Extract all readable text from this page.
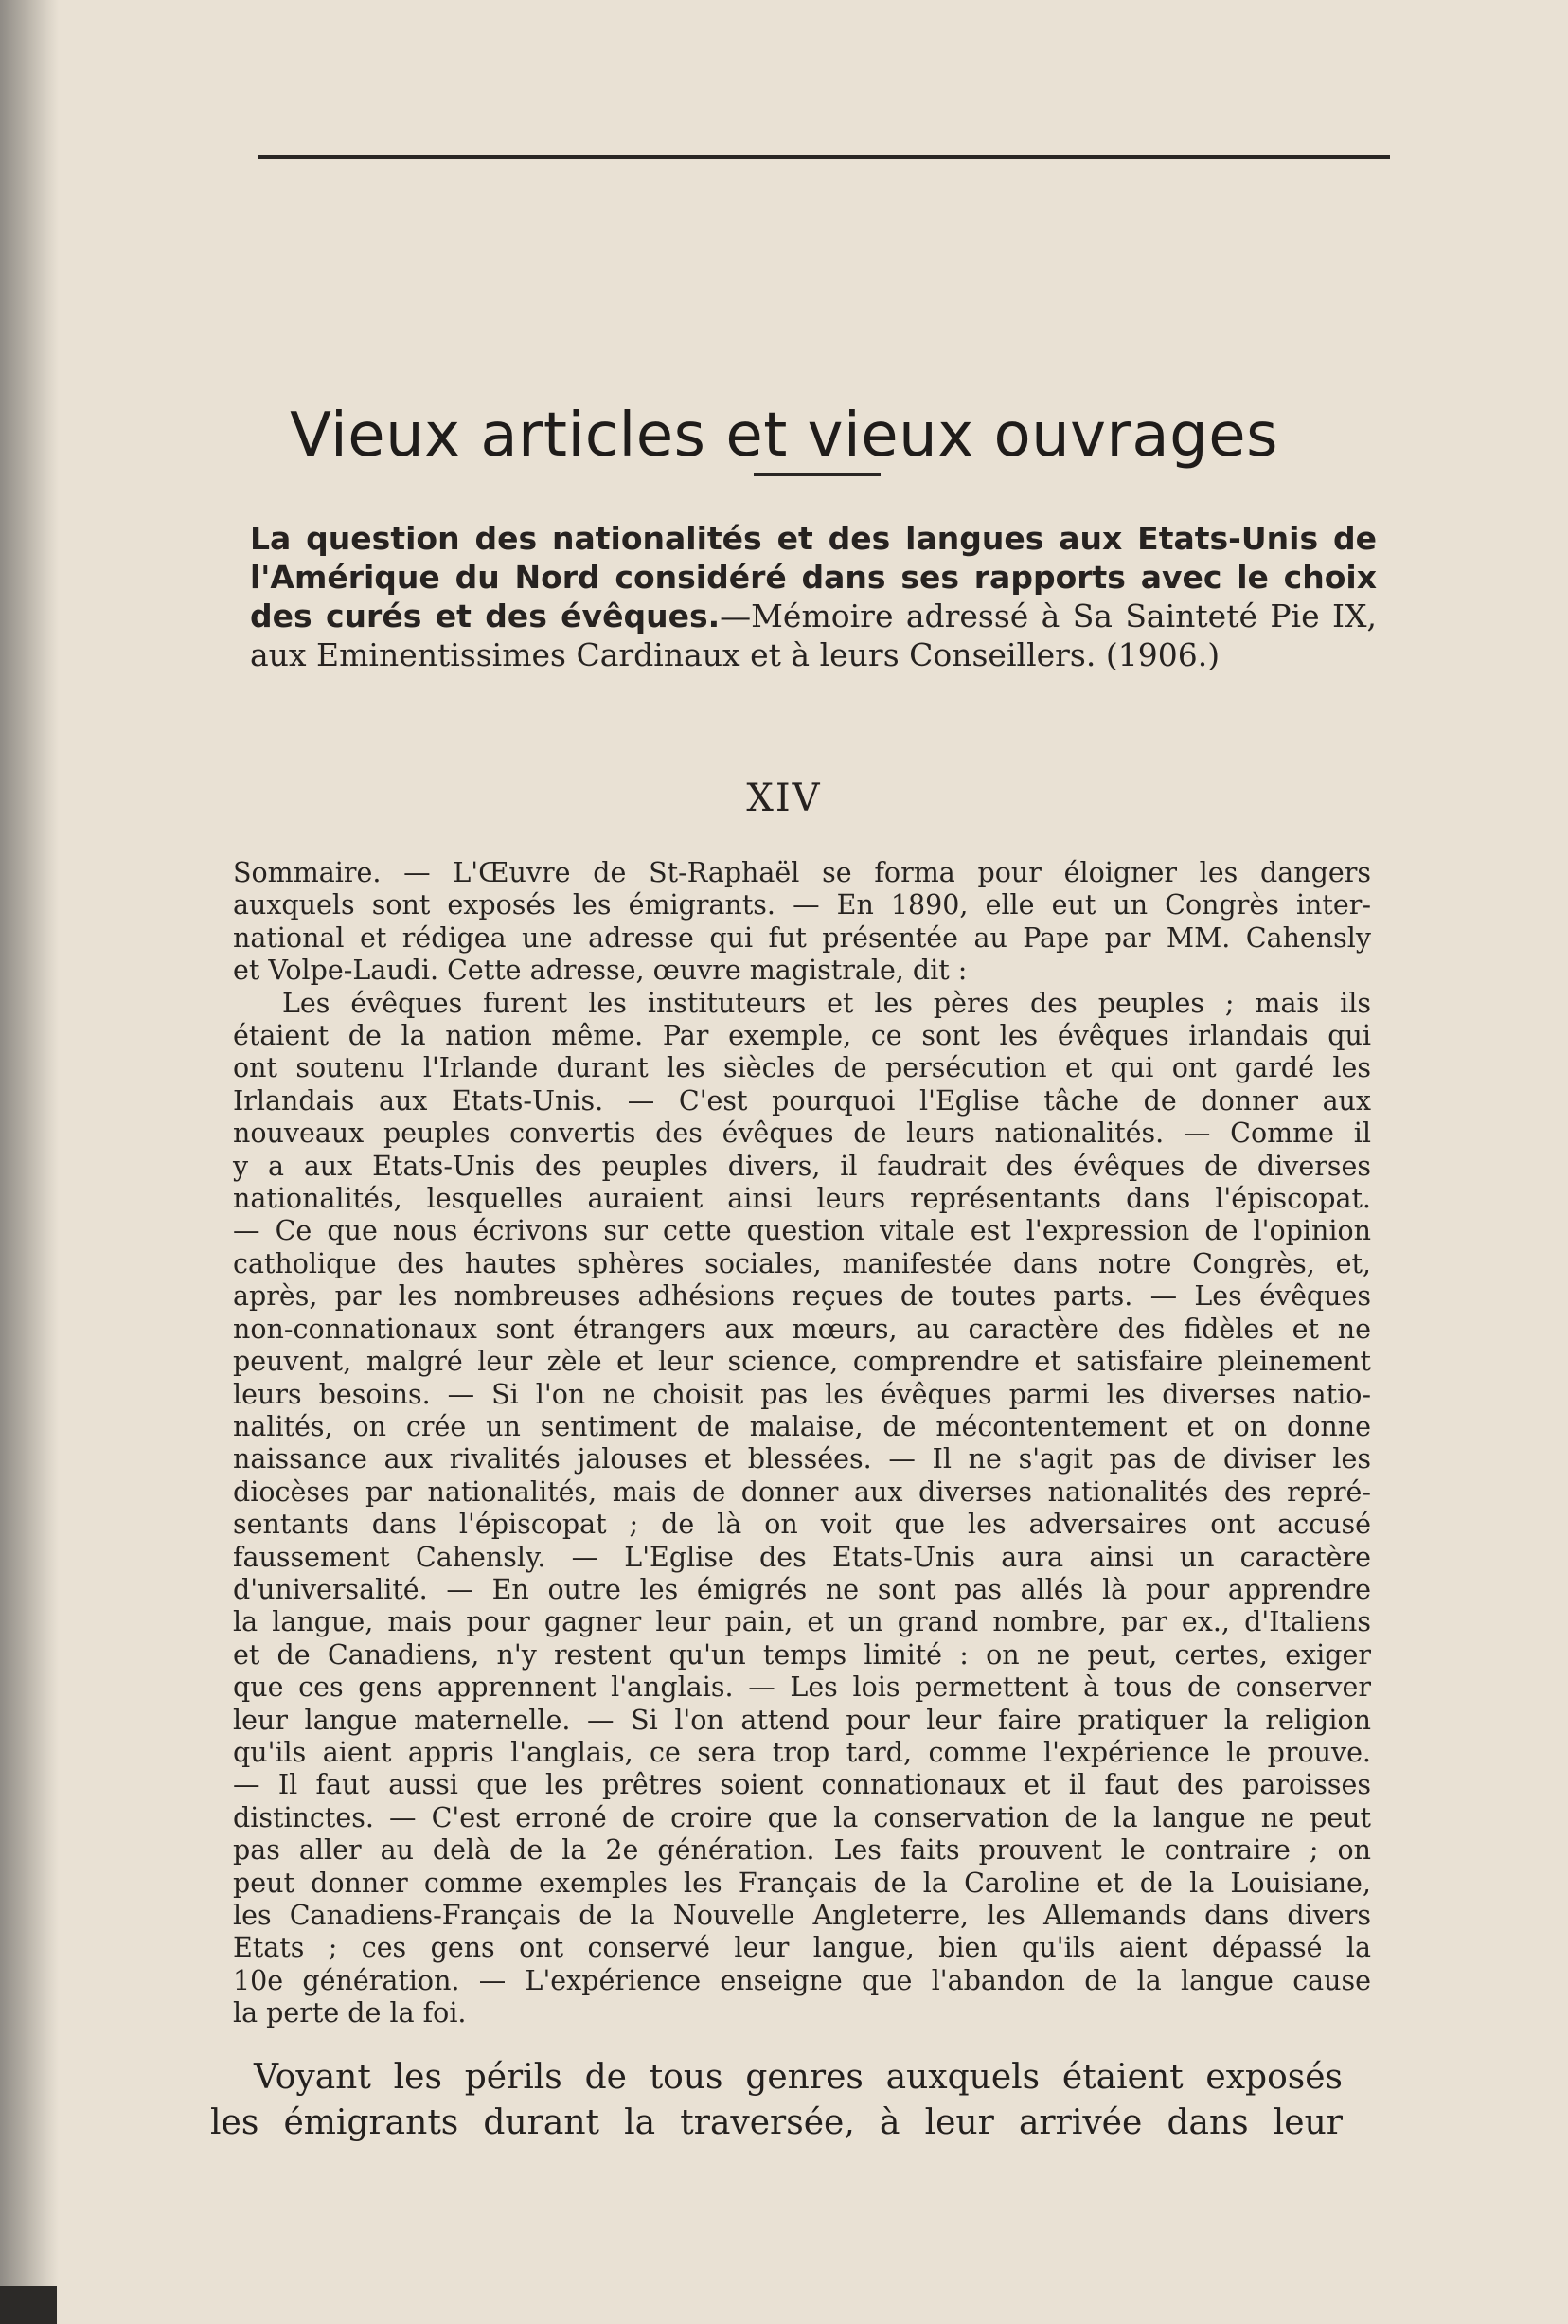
Vieux articles et vieux ouvrages
La question des nationalités et des langues aux Etats-Unis de l'Amérique du Nord considéré dans ses rapports avec le choix des curés et des évêques.—Mémoire adressé à Sa Sainteté Pie IX, aux Eminentissimes Cardinaux et à leurs Conseillers. (1906.)
XIV
Sommaire. — L'Œuvre de St-Raphaël se forma pour éloigner les dangers
auxquels sont exposés les émigrants. — En 1890, elle eut un Congrès inter-
national et rédigea une adresse qui fut présentée au Pape par MM. Cahensly
et Volpe-Laudi. Cette adresse, œuvre magistrale, dit :
Les évêques furent les instituteurs et les pères des peuples ; mais ils
étaient de la nation même. Par exemple, ce sont les évêques irlandais qui
ont soutenu l'Irlande durant les siècles de persécution et qui ont gardé les
Irlandais aux Etats-Unis. — C'est pourquoi l'Eglise tâche de donner aux
nouveaux peuples convertis des évêques de leurs nationalités. — Comme il
y a aux Etats-Unis des peuples divers, il faudrait des évêques de diverses
nationalités, lesquelles auraient ainsi leurs représentants dans l'épiscopat.
— Ce que nous écrivons sur cette question vitale est l'expression de l'opinion
catholique des hautes sphères sociales, manifestée dans notre Congrès, et,
après, par les nombreuses adhésions reçues de toutes parts. — Les évêques
non-connationaux sont étrangers aux mœurs, au caractère des fidèles et ne
peuvent, malgré leur zèle et leur science, comprendre et satisfaire pleinement
leurs besoins. — Si l'on ne choisit pas les évêques parmi les diverses natio-
nalités, on crée un sentiment de malaise, de mécontentement et on donne
naissance aux rivalités jalouses et blessées. — Il ne s'agit pas de diviser les
diocèses par nationalités, mais de donner aux diverses nationalités des repré-
sentants dans l'épiscopat ; de là on voit que les adversaires ont accusé
faussement Cahensly. — L'Eglise des Etats-Unis aura ainsi un caractère
d'universalité. — En outre les émigrés ne sont pas allés là pour apprendre
la langue, mais pour gagner leur pain, et un grand nombre, par ex., d'Italiens
et de Canadiens, n'y restent qu'un temps limité : on ne peut, certes, exiger
que ces gens apprennent l'anglais. — Les lois permettent à tous de conserver
leur langue maternelle. — Si l'on attend pour leur faire pratiquer la religion
qu'ils aient appris l'anglais, ce sera trop tard, comme l'expérience le prouve.
— Il faut aussi que les prêtres soient connationaux et il faut des paroisses
distinctes. — C'est erroné de croire que la conservation de la langue ne peut
pas aller au delà de la 2e génération. Les faits prouvent le contraire ; on
peut donner comme exemples les Français de la Caroline et de la Louisiane,
les Canadiens-Français de la Nouvelle Angleterre, les Allemands dans divers
Etats ; ces gens ont conservé leur langue, bien qu'ils aient dépassé la
10e génération. — L'expérience enseigne que l'abandon de la langue cause
la perte de la foi.
Voyant les périls de tous genres auxquels étaient exposés
les émigrants durant la traversée, à leur arrivée dans leur
